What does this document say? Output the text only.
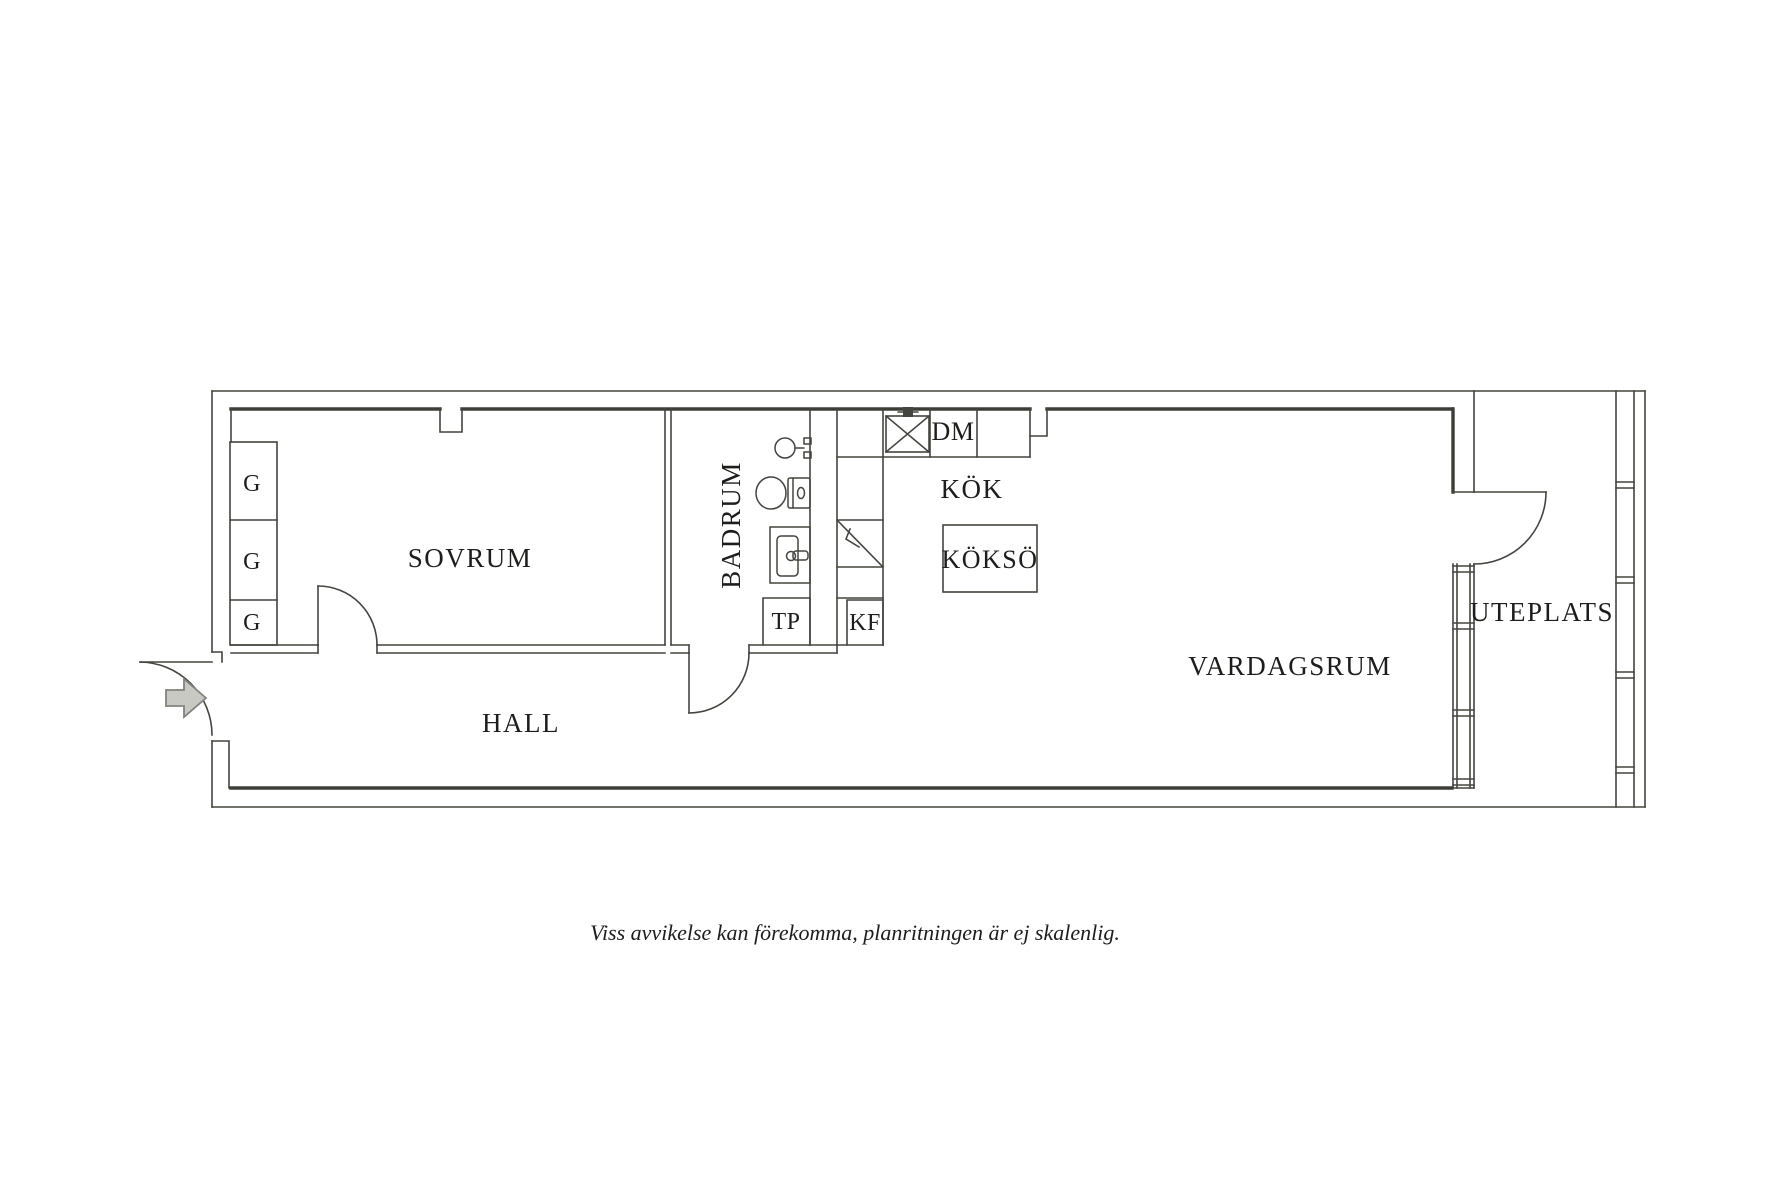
SOVRUM	BADRUM
HALL
KÖK
VARDAGSRUM
UTEPLATS
KÖKSÖ
DM
KF
TP
G
G
G
Viss avvikelse kan förekomma, planritningen är ej skalenlig.
